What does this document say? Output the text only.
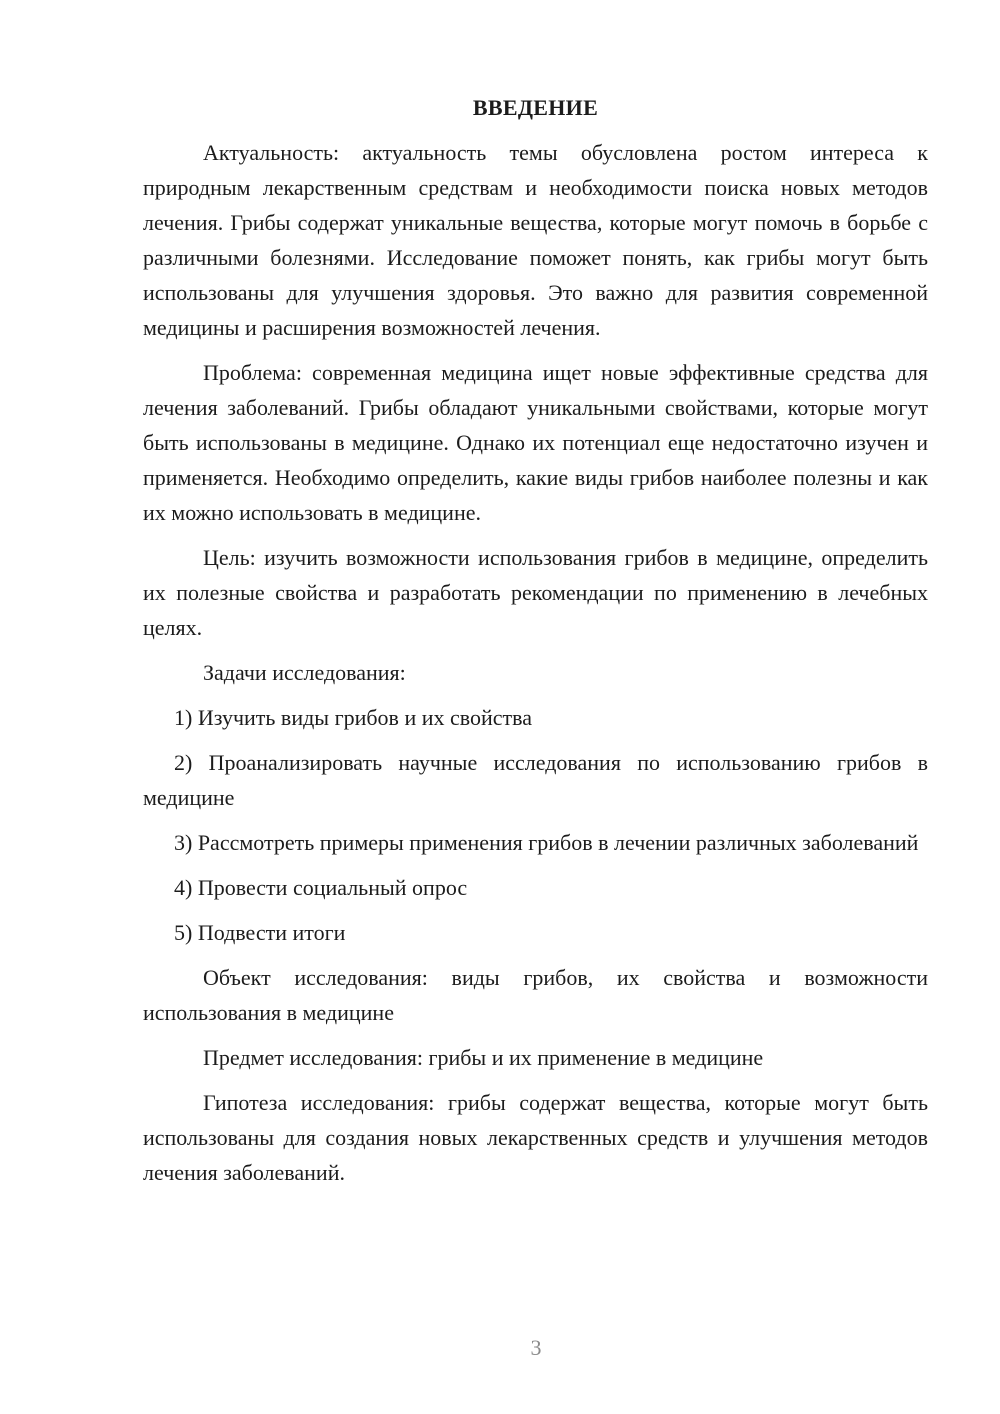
ВВЕДЕНИЕ

Актуальность: актуальность темы обусловлена ростом интереса к природным лекарственным средствам и необходимости поиска новых методов лечения. Грибы содержат уникальные вещества, которые могут помочь в борьбе с различными болезнями. Исследование поможет понять, как грибы могут быть использованы для улучшения здоровья. Это важно для развития современной медицины и расширения возможностей лечения.

Проблема: современная медицина ищет новые эффективные средства для лечения заболеваний. Грибы обладают уникальными свойствами, которые могут быть использованы в медицине. Однако их потенциал еще недостаточно изучен и применяется. Необходимо определить, какие виды грибов наиболее полезны и как их можно использовать в медицине.

Цель: изучить возможности использования грибов в медицине, определить их полезные свойства и разработать рекомендации по применению в лечебных целях.

Задачи исследования:

1) Изучить виды грибов и их свойства

2) Проанализировать научные исследования по использованию грибов в медицине

3) Рассмотреть примеры применения грибов в лечении различных заболеваний

4) Провести социальный опрос

5) Подвести итоги

Объект исследования: виды грибов, их свойства и возможности использования в медицине

Предмет исследования: грибы и их применение в медицине

Гипотеза исследования: грибы содержат вещества, которые могут быть использованы для создания новых лекарственных средств и улучшения методов лечения заболеваний.

3
